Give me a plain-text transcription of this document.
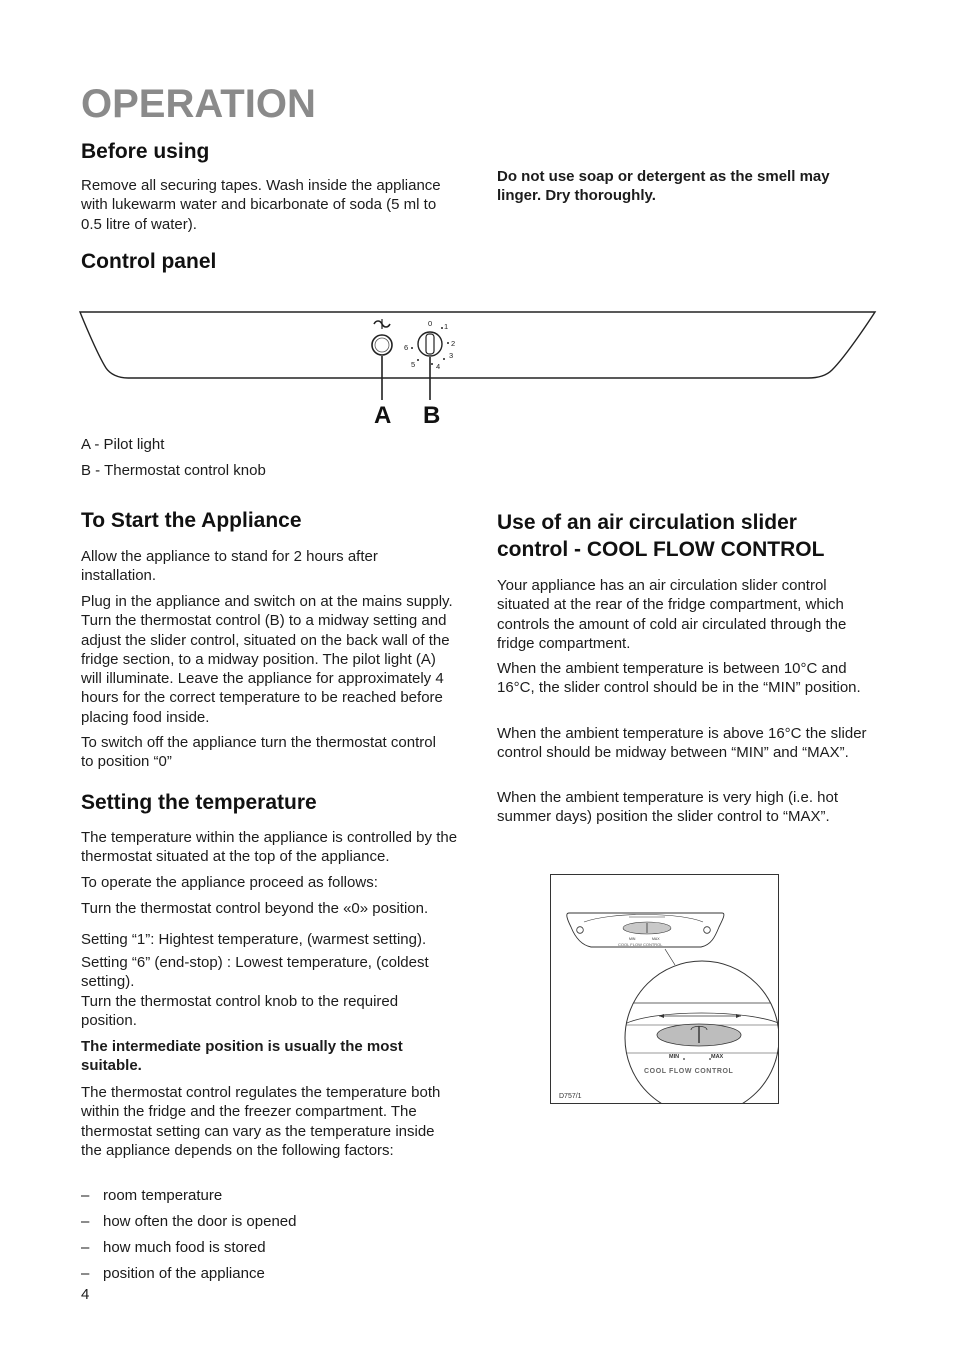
OPERATION
Before using

Remove all securing tapes. Wash inside the appliance with lukewarm water and bicarbonate of soda (5 ml to 0.5 litre of water).

Do not use soap or detergent as the smell may linger. Dry thoroughly.

Control panel
0 1
2
3
4
5
6
A B

A - Pilot light

B - Thermostat control knob

To Start the Appliance

Allow the appliance to stand for 2 hours after installation.

Plug in the appliance and switch on at the mains supply. Turn the thermostat control (B) to a midway setting and adjust the slider control, situated on the back wall of the fridge section, to a midway position. The pilot light (A) will illuminate. Leave the appliance for approximately 4 hours for the correct temperature to be reached before placing food inside.

To switch off the appliance turn the thermostat control to position “0”

Setting the temperature

The temperature within the appliance is controlled by the thermostat situated at the top of the appliance.

To operate the appliance proceed as follows:

Turn the thermostat control beyond the «0» position.

Setting “1”: Hightest temperature, (warmest setting).

Setting “6” (end-stop) : Lowest temperature, (coldest setting).

Turn the thermostat control knob to the required position.

The intermediate position is usually the most suitable.

The thermostat control regulates the temperature both within the fridge and the freezer compartment. The thermostat setting can vary as the temperature inside the appliance depends on the following factors:

– room temperature
– how often the door is opened
– how much food is stored
– position of the appliance

4

Use of an air circulation slider control - COOL FLOW CONTROL

Your appliance has an air circulation slider control situated at the rear of the fridge compartment, which controls the amount of cold air circulated through the fridge compartment.

When the ambient temperature is between 10°C and 16°C, the slider control should be in the “MIN” position.

When the ambient temperature is above 16°C the slider control should be midway between “MIN” and “MAX”.

When the ambient temperature is very high (i.e. hot summer days) position the slider control to “MAX”.

MIN	MAX
COOL FLOW CONTROL
MIN	MAX
COOL FLOW CONTROL
D757/1
